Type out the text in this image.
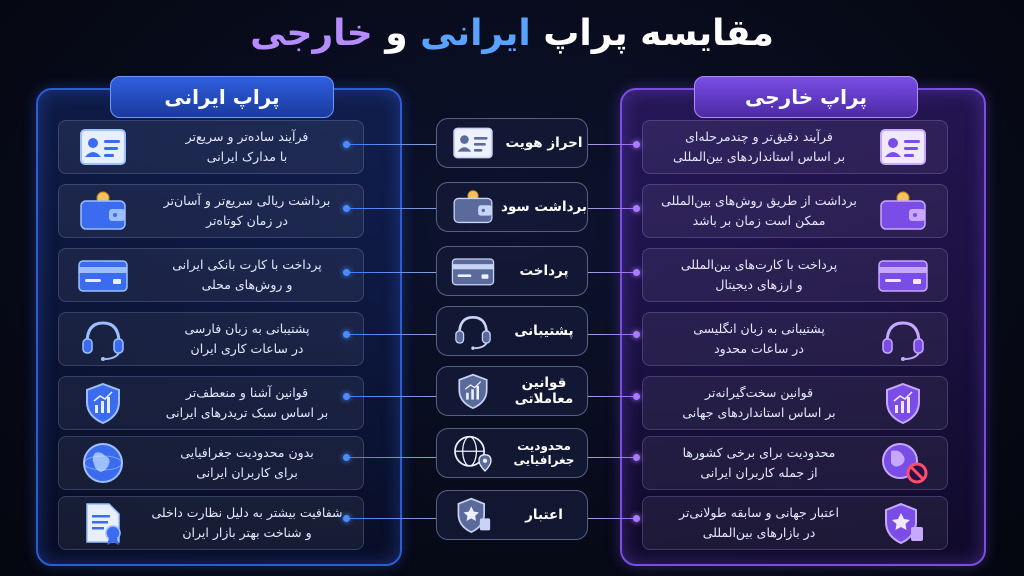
مقایسه پراپ ایرانی و خارجی
پراپ ایرانی
فرآیند ساده‌تر و سریع‌تر
با مدارک ایرانی
برداشت ریالی سریع‌تر و آسان‌تر
در زمان کوتاه‌تر
پرداخت با کارت بانکی ایرانی
و روش‌های محلی
پشتیبانی به زبان فارسی
در ساعات کاری ایران
قوانین آشنا و منعطف‌تر
بر اساس سبک تریدرهای ایرانی
بدون محدودیت جغرافیایی
برای کاربران ایرانی
شفافیت بیشتر به دلیل نظارت داخلی
و شناخت بهتر بازار ایران
پراپ خارجی
فرآیند دقیق‌تر و چندمرحله‌ای
بر اساس استانداردهای بین‌المللی
برداشت از طریق روش‌های بین‌المللی
ممکن است زمان بر باشد
پرداخت با کارت‌های بین‌المللی
و ارزهای دیجیتال
پشتیبانی به زبان انگلیسی
در ساعات محدود
قوانین سخت‌گیرانه‌تر
بر اساس استانداردهای جهانی
محدودیت برای برخی کشورها
از جمله کاربران ایرانی
اعتبار جهانی و سابقه طولانی‌تر
در بازارهای بین‌المللی
احراز هویت
برداشت سود
پرداخت
پشتیبانی
قوانین معاملاتی
محدودیت جغرافیایی
اعتبار
